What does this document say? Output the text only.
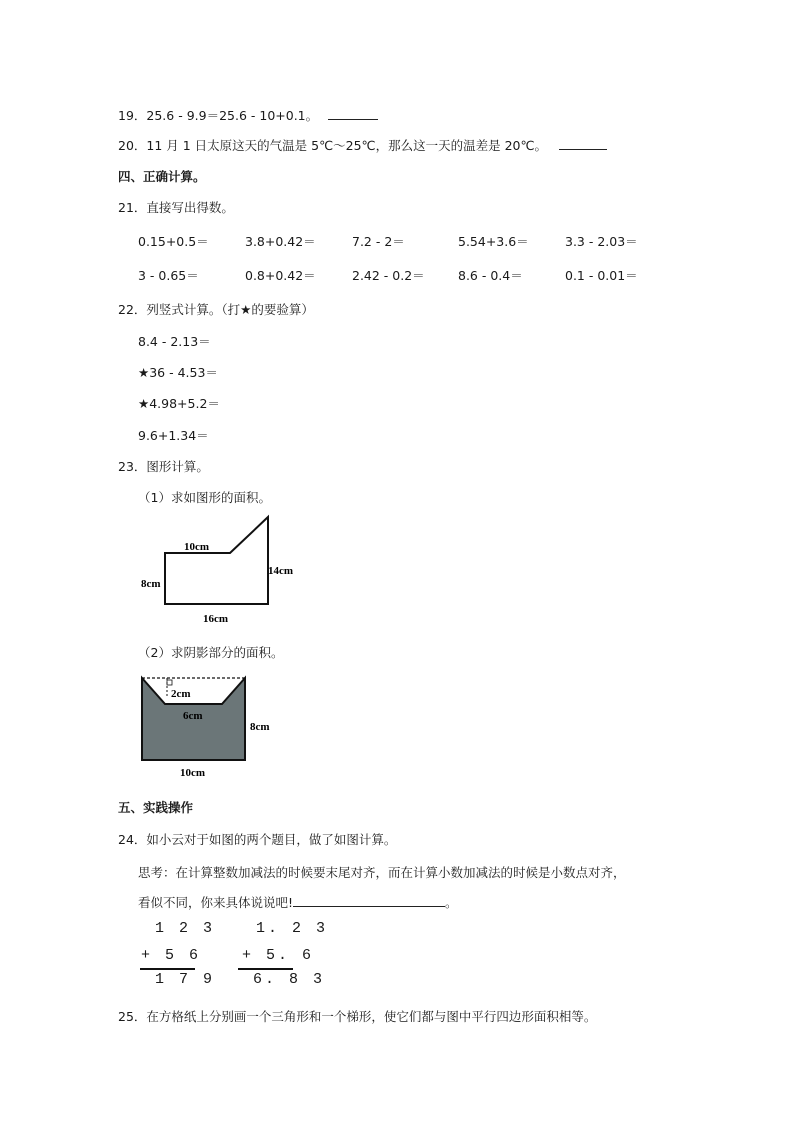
19．25.6 - 9.9＝25.6 - 10+0.1。
20．11 月 1 日太原这天的气温是 5℃～25℃，那么这一天的温差是 20℃。
四、正确计算。
21．直接写出得数。
0.15+0.5＝	3.8+0.42＝	7.2 - 2＝	5.54+3.6＝	3.3 - 2.03＝
3 - 0.65＝	0.8+0.42＝	2.42 - 0.2＝	8.6 - 0.4＝	0.1 - 0.01＝
22．列竖式计算。（打★的要验算）
8.4 - 2.13＝
★36 - 4.53＝
★4.98+5.2＝
9.6+1.34＝
23．图形计算。
（1）求如图形的面积。
10cm
8cm
14cm
16cm
（2）求阴影部分的面积。
2cm
6cm
8cm
10cm
五、实践操作
24．如小云对于如图的两个题目，做了如图计算。
思考：在计算整数加减法的时候要末尾对齐，而在计算小数加减法的时候是小数点对齐，
看似不同，你来具体说说吧!	。
1 2 3
+ 5 6
1 7 9
1. 2 3
+ 5. 6
6. 8 3
25．在方格纸上分别画一个三角形和一个梯形，使它们都与图中平行四边形面积相等。
